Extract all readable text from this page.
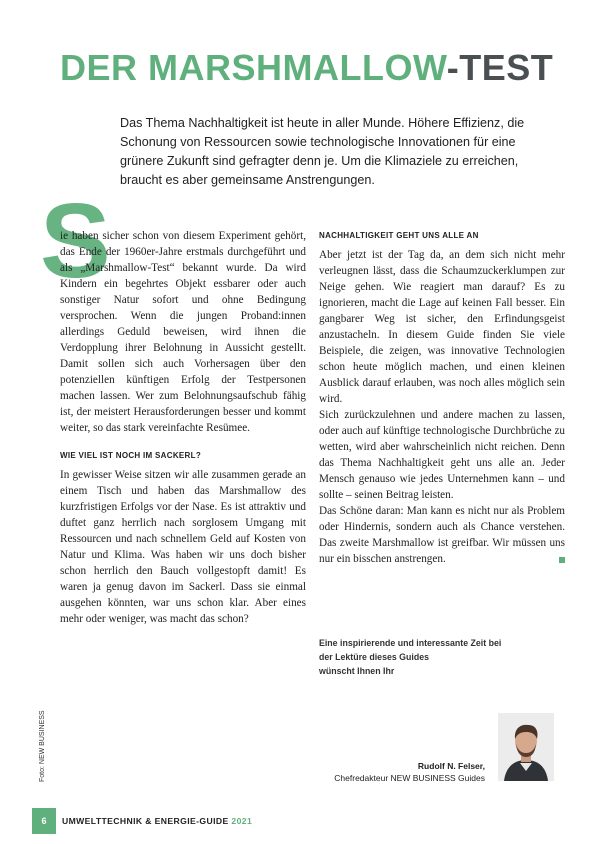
DER MARSHMALLOW-TEST

Das Thema Nachhaltigkeit ist heute in aller Munde. Höhere Effizienz, die Schonung von Ressourcen sowie technologische Innovationen für eine grünere Zukunft sind gefragter denn je. Um die Klimaziele zu erreichen, braucht es aber gemeinsame Anstrengungen.

S

ie haben sicher schon von diesem Experiment gehört, das Ende der 1960er-Jahre erstmals durchgeführt und als „Marshmallow-Test“ bekannt wurde. Da wird Kindern ein begehrtes Objekt essbarer oder auch sonstiger Natur sofort und ohne Bedingung versprochen. Wenn die jungen Proband:innen allerdings Geduld beweisen, wird ihnen die Verdopplung ihrer Belohnung in Aussicht gestellt. Damit sollen sich auch Vorhersagen über den potenziellen künftigen Erfolg der Testpersonen machen lassen. Wer zum Belohnungsaufschub fähig ist, der meistert Herausforderungen besser und kommt weiter, so das stark vereinfachte Resümee.

WIE VIEL IST NOCH IM SACKERL?

In gewisser Weise sitzen wir alle zusammen gerade an einem Tisch und haben das Marshmallow des kurzfristigen Erfolgs vor der Nase. Es ist attraktiv und duftet ganz herrlich nach sorglosem Umgang mit Ressourcen und nach schnellem Geld auf Kosten von Natur und Klima. Was haben wir uns doch bisher schon herrlich den Bauch vollgestopft damit! Es waren ja genug davon im Sackerl. Dass sie einmal ausgehen könnten, war uns schon klar. Aber eines mehr oder weniger, was macht das schon?

NACHHALTIGKEIT GEHT UNS ALLE AN

Aber jetzt ist der Tag da, an dem sich nicht mehr verleugnen lässt, dass die Schaumzuckerklumpen zur Neige gehen. Wie reagiert man darauf? Es zu ignorieren, macht die Lage auf keinen Fall besser. Ein gangbarer Weg ist sicher, den Erfindungsgeist anzustacheln. In diesem Guide finden Sie viele Beispiele, die zeigen, was innovative Technologien schon heute möglich machen, und einen kleinen Ausblick darauf erlauben, was noch alles möglich sein wird.

Sich zurückzulehnen und andere machen zu lassen, oder auch auf künftige technologische Durchbrüche zu wetten, wird aber wahrscheinlich nicht reichen. Denn das Thema Nachhaltigkeit geht uns alle an. Jeder Mensch genauso wie jedes Unternehmen kann – und sollte – seinen Beitrag leisten.

Das Schöne daran: Man kann es nicht nur als Problem oder Hindernis, sondern auch als Chance verstehen. Das zweite Marshmallow ist greifbar. Wir müssen uns nur ein bisschen anstrengen.

Eine inspirierende und interessante Zeit bei
der Lektüre dieses Guides
wünscht Ihnen Ihr
Rudolf N. Felser,
Chefredakteur NEW BUSINESS Guides
Foto: NEW BUSINESS
6	UMWELTTECHNIK & ENERGIE-GUIDE 2021
